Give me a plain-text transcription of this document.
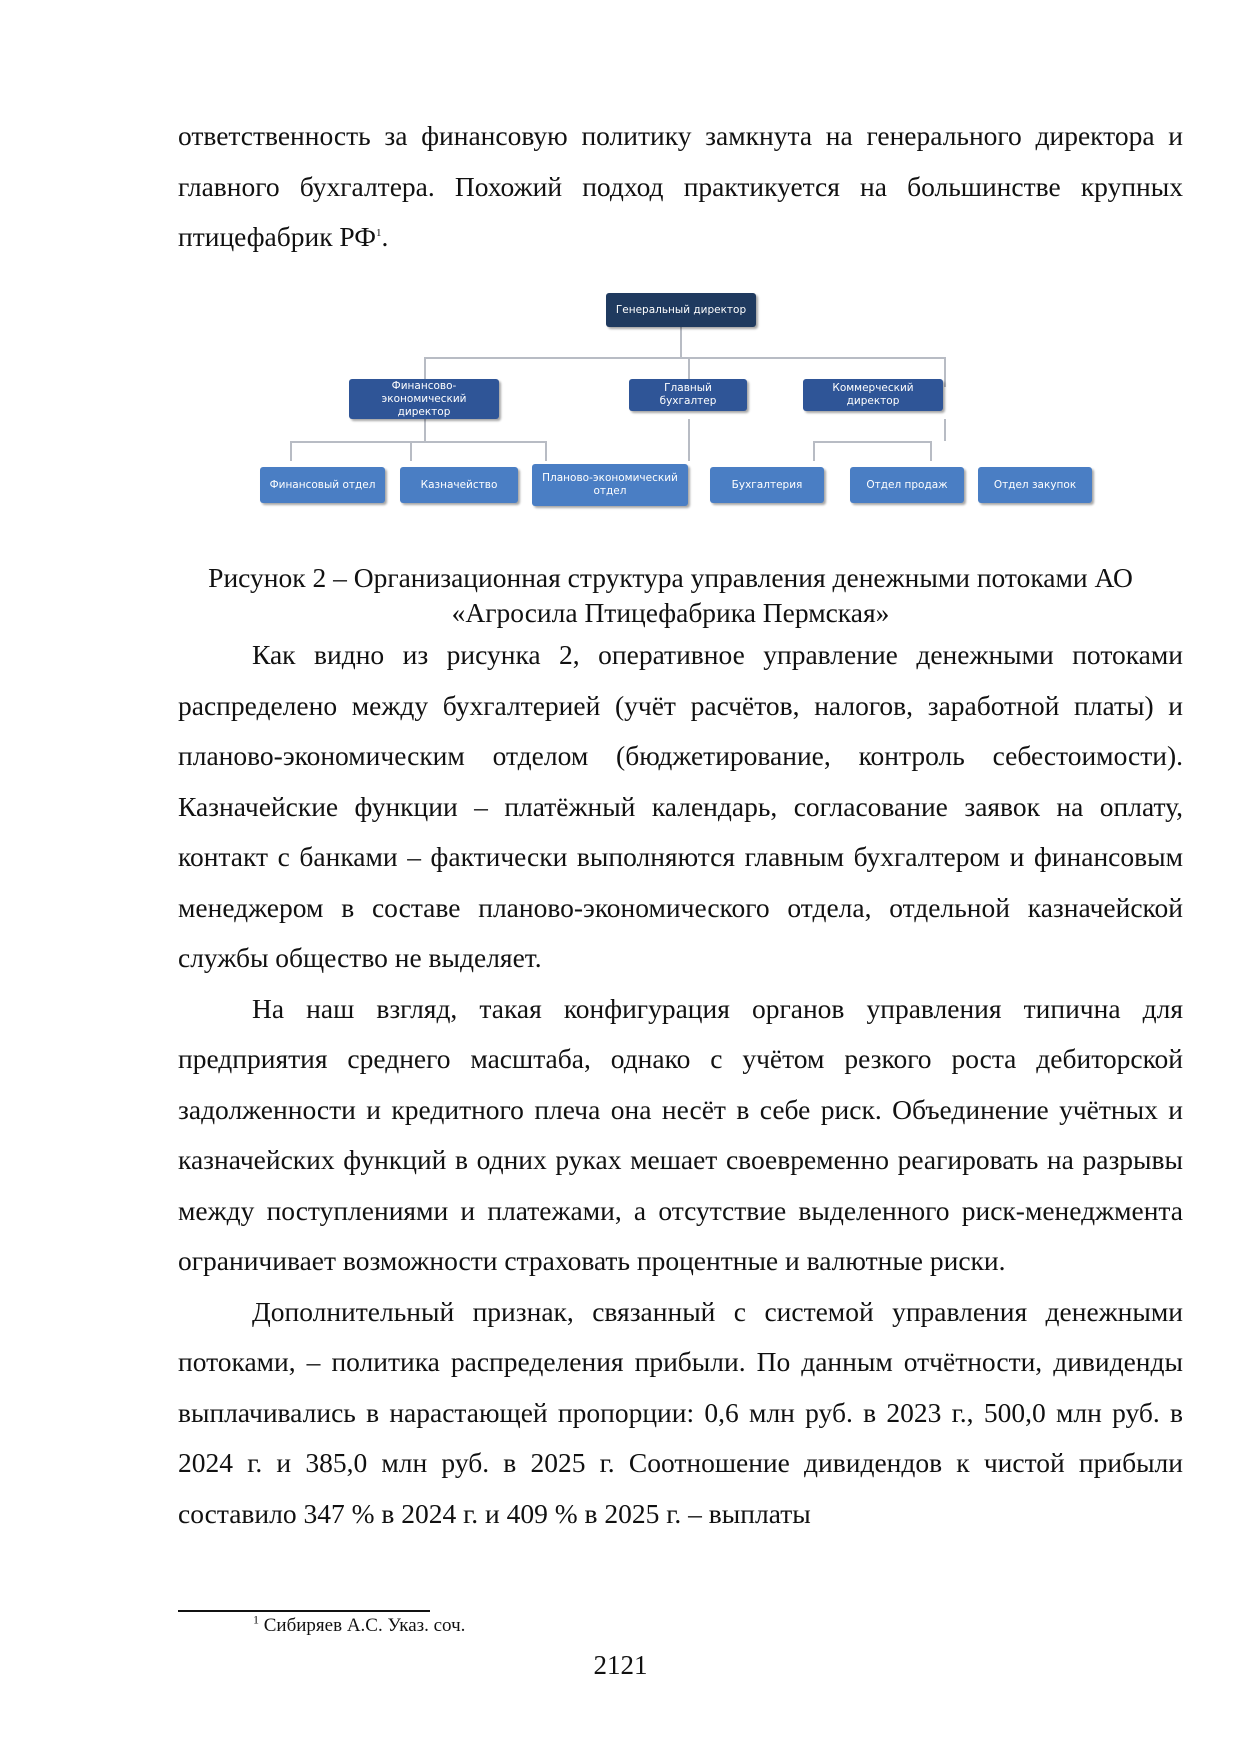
ответственность за финансовую политику замкнута на генерального директора и главного бухгалтера. Похожий подход практикуется на большинстве крупных птицефабрик $РФ^1$.

Генеральный директор
Финансово-экономический директор
Главный бухгалтер
Коммерческий директор
Финансовый отдел	Казначейство
Планово-экономический отдел
Бухгалтерия	Отдел продаж	Отдел закупок
Рисунок 2 – Организационная структура управления денежными потоками АО
«Агросила Птицефабрика Пермская»

Как видно из рисунка 2, оперативное управление денежными потоками распределено между бухгалтерией (учёт расчётов, налогов, заработной платы) и планово-экономическим отделом (бюджетирование, контроль себестоимости). Казначейские функции – платёжный календарь, согласование заявок на оплату, контакт с банками – фактически выполняются главным бухгалтером и финансовым менеджером в составе планово-экономического отдела, отдельной казначейской службы общество не выделяет.

На наш взгляд, такая конфигурация органов управления типична для предприятия среднего масштаба, однако с учётом резкого роста дебиторской задолженности и кредитного плеча она несёт в себе риск. Объединение учётных и казначейских функций в одних руках мешает своевременно реагировать на разрывы между поступлениями и платежами, а отсутствие выделенного риск-менеджмента ограничивает возможности страховать процентные и валютные риски.

Дополнительный признак, связанный с системой управления денежными потоками, – политика распределения прибыли. По данным отчётности, дивиденды выплачивались в нарастающей пропорции: 0,6 млн руб. в 2023 г., 500,0 млн руб. в 2024 г. и 385,0 млн руб. в 2025 г. Соотношение дивидендов к чистой прибыли составило 347 % в 2024 г. и 409 % в 2025 г. – выплаты

$^1$ Сибиряев А.С. Указ. соч.
2121
